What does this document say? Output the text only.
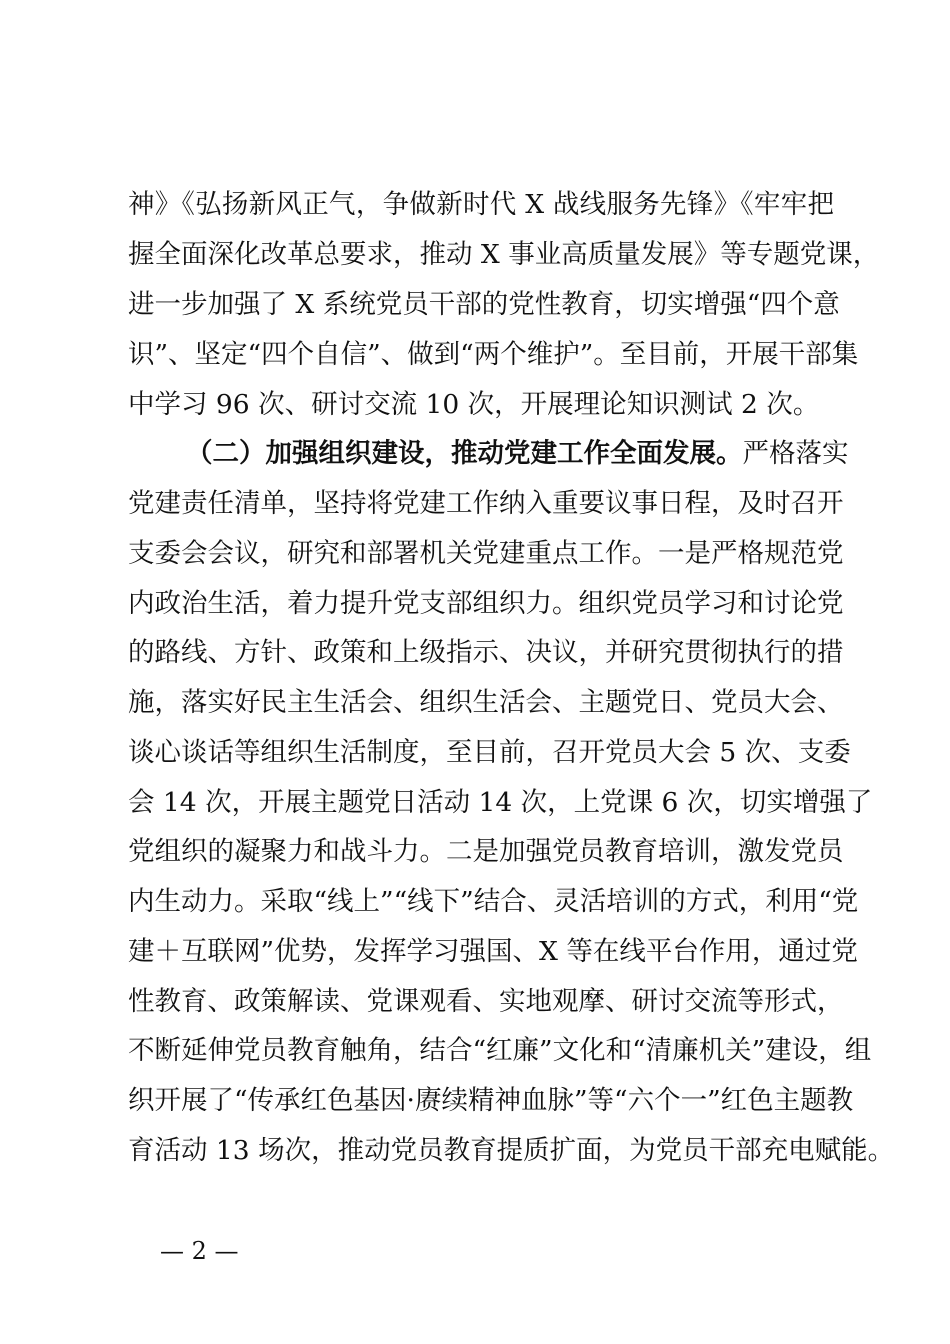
神》《弘扬新风正气，争做新时代 X 战线服务先锋》《牢牢把
握全面深化改革总要求，推动 X 事业高质量发展》等专题党课，
进一步加强了 X 系统党员干部的党性教育，切实增强“四个意
识”、坚定“四个自信”、做到“两个维护”。至目前，开展干部集
中学习 96 次、研讨交流 10 次，开展理论知识测试 2 次。
（二）加强组织建设，推动党建工作全面发展。严格落实
党建责任清单，坚持将党建工作纳入重要议事日程，及时召开
支委会会议，研究和部署机关党建重点工作。一是严格规范党
内政治生活，着力提升党支部组织力。组织党员学习和讨论党
的路线、方针、政策和上级指示、决议，并研究贯彻执行的措
施，落实好民主生活会、组织生活会、主题党日、党员大会、
谈心谈话等组织生活制度，至目前，召开党员大会 5 次、支委
会 14 次，开展主题党日活动 14 次，上党课 6 次，切实增强了
党组织的凝聚力和战斗力。二是加强党员教育培训，激发党员
内生动力。采取“线上”“线下”结合、灵活培训的方式，利用“党
建＋互联网”优势，发挥学习强国、X 等在线平台作用，通过党
性教育、政策解读、党课观看、实地观摩、研讨交流等形式，
不断延伸党员教育触角，结合“红廉”文化和“清廉机关”建设，组
织开展了“传承红色基因·赓续精神血脉”等“六个一”红色主题教
育活动 13 场次，推动党员教育提质扩面，为党员干部充电赋能。
— 2 —
